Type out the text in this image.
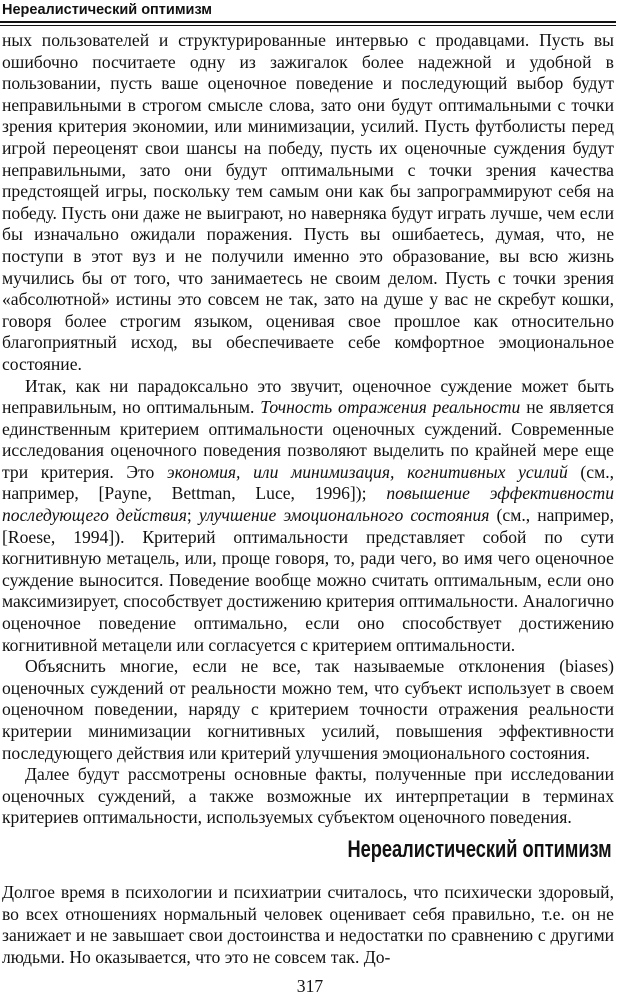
Нереалистический оптимизм

ных пользователей и структурированные интервью с продавцами. Пусть вы ошибочно посчитаете одну из зажигалок более надежной и удобной в пользовании, пусть ваше оценочное поведение и последующий выбор будут неправильными в строгом смысле слова, зато они будут оптимальными с точки зрения критерия экономии, или минимизации, усилий. Пусть футболисты перед игрой переоценят свои шансы на победу, пусть их оценочные суждения будут неправильными, зато они будут оптимальными с точки зрения качества предстоящей игры, поскольку тем самым они как бы запрограммируют себя на победу. Пусть они даже не выиграют, но наверняка будут играть лучше, чем если бы изначально ожидали поражения. Пусть вы ошибаетесь, думая, что, не поступи в этот вуз и не получили именно это образование, вы всю жизнь мучились бы от того, что занимаетесь не своим делом. Пусть с точки зрения «абсолютной» истины это совсем не так, зато на душе у вас не скребут кошки, говоря более строгим языком, оценивая свое прошлое как относительно благоприятный исход, вы обеспечиваете себе комфортное эмоциональное состояние.

Итак, как ни парадоксально это звучит, оценочное суждение может быть неправильным, но оптимальным. Точность отражения реальности не является единственным критерием оптимальности оценочных суждений. Современные исследования оценочного поведения позволяют выделить по крайней мере еще три критерия. Это экономия, или минимизация, когнитивных усилий (см., например, [Payne, Bettman, Luce, 1996]); повышение эффективности последующего действия; улучшение эмоционального состояния (см., например, [Roese, 1994]). Критерий оптимальности представляет собой по сути когнитивную метацель, или, проще говоря, то, ради чего, во имя чего оценочное суждение выносится. Поведение вообще можно считать оптимальным, если оно максимизирует, способствует достижению критерия оптимальности. Аналогично оценочное поведение оптимально, если оно способствует достижению когнитивной метацели или согласуется с критерием оптимальности.

Объяснить многие, если не все, так называемые отклонения (biases) оценочных суждений от реальности можно тем, что субъект использует в своем оценочном поведении, наряду с критерием точности отражения реальности критерии минимизации когнитивных усилий, повышения эффективности последующего действия или критерий улучшения эмоционального состояния.

Далее будут рассмотрены основные факты, полученные при исследовании оценочных суждений, а также возможные их интерпретации в терминах критериев оптимальности, используемых субъектом оценочного поведения.

Нереалистический оптимизм

Долгое время в психологии и психиатрии считалось, что психически здоровый, во всех отношениях нормальный человек оценивает себя правильно, т.е. он не занижает и не завышает свои достоинства и недостатки по сравнению с другими людьми. Но оказывается, что это не совсем так. До-

317
